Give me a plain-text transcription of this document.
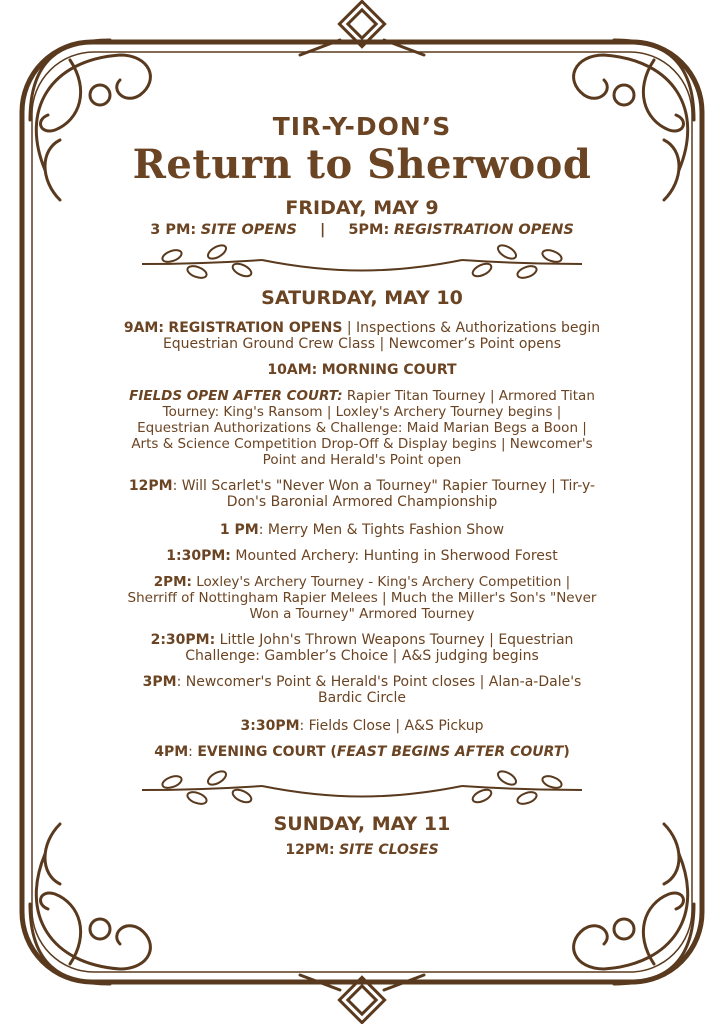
TIR-Y-DON’S
Return to Sherwood
FRIDAY, MAY 9
3 PM: SITE OPENS | 5PM: REGISTRATION OPENS
SATURDAY, MAY 10
9AM: REGISTRATION OPENS | Inspections & Authorizations begin
Equestrian Ground Crew Class | Newcomer’s Point opens
10AM: MORNING COURT
FIELDS OPEN AFTER COURT: Rapier Titan Tourney | Armored Titan
Tourney: King's Ransom | Loxley's Archery Tourney begins |
Equestrian Authorizations & Challenge: Maid Marian Begs a Boon |
Arts & Science Competition Drop-Off & Display begins | Newcomer's
Point and Herald's Point open
12PM: Will Scarlet's "Never Won a Tourney" Rapier Tourney | Tir-y-
Don's Baronial Armored Championship
1 PM: Merry Men & Tights Fashion Show
1:30PM: Mounted Archery: Hunting in Sherwood Forest
2PM: Loxley's Archery Tourney - King's Archery Competition |
Sherriff of Nottingham Rapier Melees | Much the Miller's Son's "Never
Won a Tourney" Armored Tourney
2:30PM: Little John's Thrown Weapons Tourney | Equestrian
Challenge: Gambler’s Choice | A&S judging begins
3PM: Newcomer's Point & Herald's Point closes | Alan-a-Dale's
Bardic Circle
3:30PM: Fields Close | A&S Pickup
4PM: EVENING COURT (FEAST BEGINS AFTER COURT)
SUNDAY, MAY 11
12PM: SITE CLOSES
